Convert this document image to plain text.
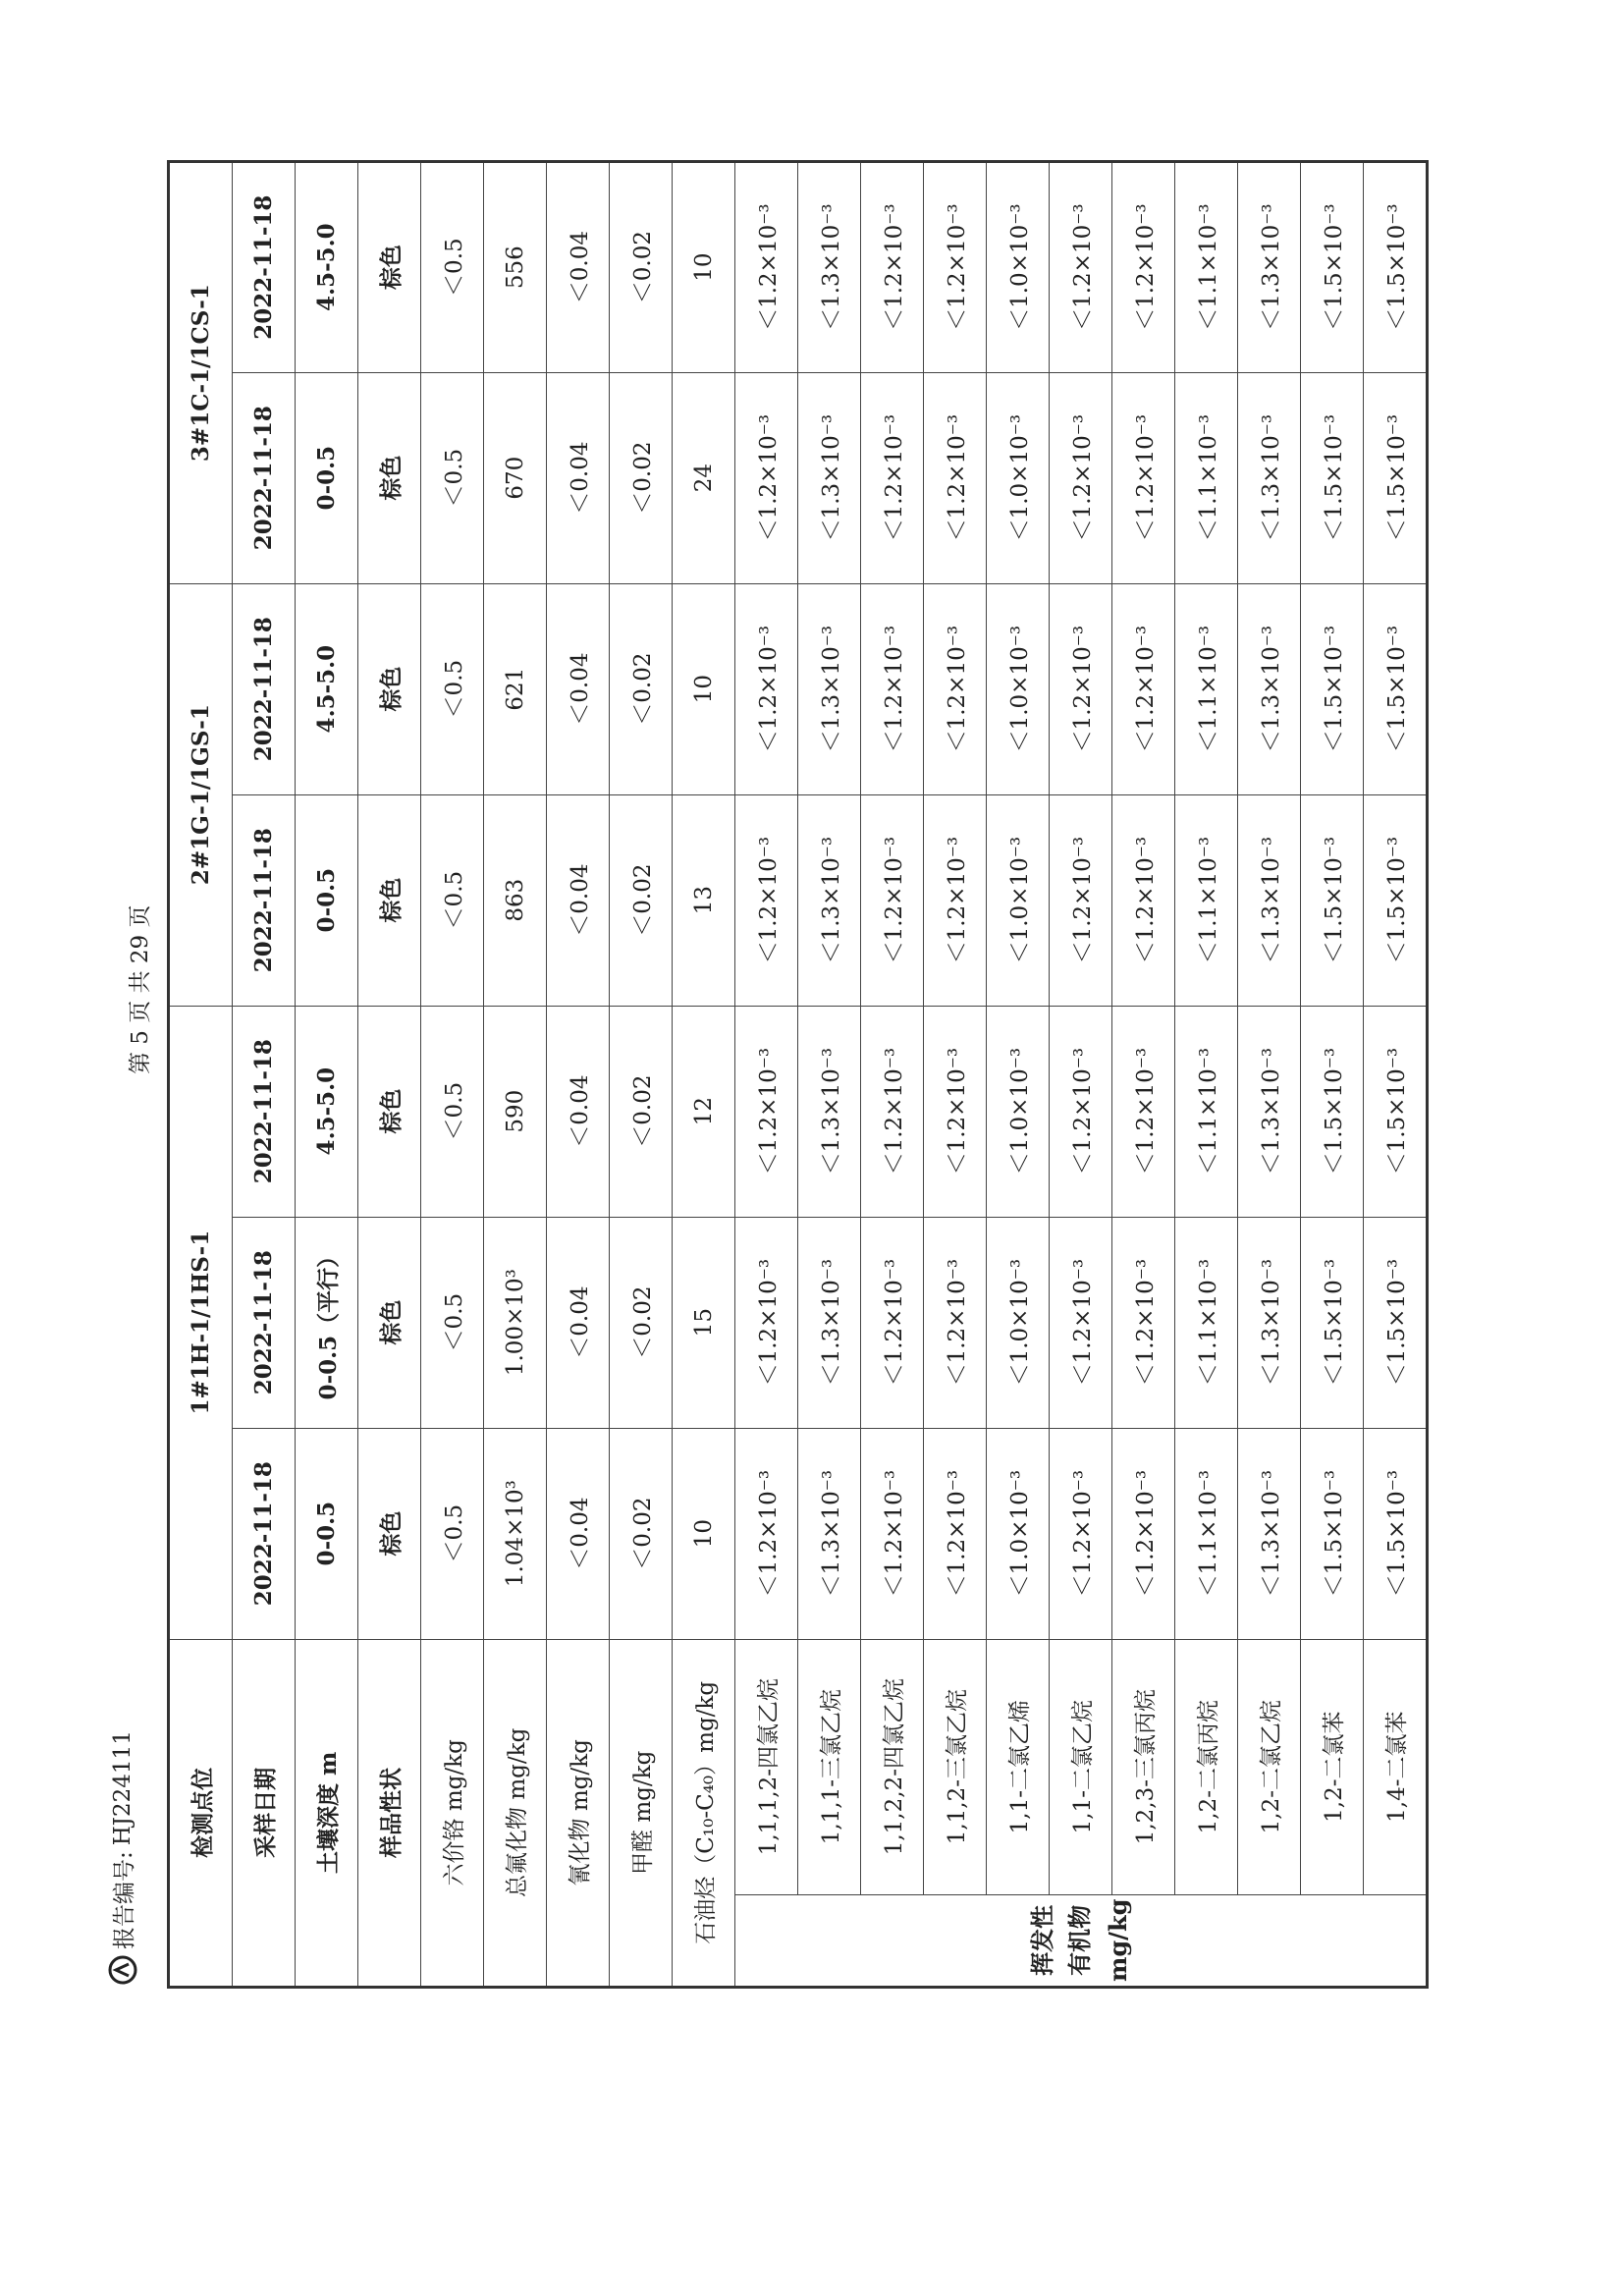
报告编号:
HJ224111
第 5 页 共 29 页
检测点位		1#1H-1/1HS-1			2#1G-1/1GS-1		3#1C-1/1CS-1	
采样日期		2022-11-18	2022-11-18	2022-11-18	2022-11-18	2022-11-18	2022-11-18	2022-11-18
土壤深度 m		0-0.5	0-0.5（平行）	4.5-5.0	0-0.5	4.5-5.0	0-0.5	4.5-5.0
样品性状		棕色	棕色	棕色	棕色	棕色	棕色	棕色
六价铬 mg/kg		＜0.5	＜0.5	＜0.5	＜0.5	＜0.5	＜0.5	＜0.5
总氟化物 mg/kg		1.04×10³	1.00×10³	590	863	621	670	556
氰化物 mg/kg		＜0.04	＜0.04	＜0.04	＜0.04	＜0.04	＜0.04	＜0.04
甲醛 mg/kg		＜0.02	＜0.02	＜0.02	＜0.02	＜0.02	＜0.02	＜0.02
石油烃（C₁₀-C₄₀）mg/kg		10	15	12	13	10	24	10
挥发性有机物 mg/kg	1,1,1,2-四氯乙烷	＜1.2×10⁻³	＜1.2×10⁻³	＜1.2×10⁻³	＜1.2×10⁻³	＜1.2×10⁻³	＜1.2×10⁻³	＜1.2×10⁻³
	1,1,1-三氯乙烷	＜1.3×10⁻³	＜1.3×10⁻³	＜1.3×10⁻³	＜1.3×10⁻³	＜1.3×10⁻³	＜1.3×10⁻³	＜1.3×10⁻³
	1,1,2,2-四氯乙烷	＜1.2×10⁻³	＜1.2×10⁻³	＜1.2×10⁻³	＜1.2×10⁻³	＜1.2×10⁻³	＜1.2×10⁻³	＜1.2×10⁻³
	1,1,2-三氯乙烷	＜1.2×10⁻³	＜1.2×10⁻³	＜1.2×10⁻³	＜1.2×10⁻³	＜1.2×10⁻³	＜1.2×10⁻³	＜1.2×10⁻³
	1,1-二氯乙烯	＜1.0×10⁻³	＜1.0×10⁻³	＜1.0×10⁻³	＜1.0×10⁻³	＜1.0×10⁻³	＜1.0×10⁻³	＜1.0×10⁻³
	1,1-二氯乙烷	＜1.2×10⁻³	＜1.2×10⁻³	＜1.2×10⁻³	＜1.2×10⁻³	＜1.2×10⁻³	＜1.2×10⁻³	＜1.2×10⁻³
	1,2,3-三氯丙烷	＜1.2×10⁻³	＜1.2×10⁻³	＜1.2×10⁻³	＜1.2×10⁻³	＜1.2×10⁻³	＜1.2×10⁻³	＜1.2×10⁻³
	1,2-二氯丙烷	＜1.1×10⁻³	＜1.1×10⁻³	＜1.1×10⁻³	＜1.1×10⁻³	＜1.1×10⁻³	＜1.1×10⁻³	＜1.1×10⁻³
	1,2-二氯乙烷	＜1.3×10⁻³	＜1.3×10⁻³	＜1.3×10⁻³	＜1.3×10⁻³	＜1.3×10⁻³	＜1.3×10⁻³	＜1.3×10⁻³
	1,2-二氯苯	＜1.5×10⁻³	＜1.5×10⁻³	＜1.5×10⁻³	＜1.5×10⁻³	＜1.5×10⁻³	＜1.5×10⁻³	＜1.5×10⁻³
	1,4-二氯苯	＜1.5×10⁻³	＜1.5×10⁻³	＜1.5×10⁻³	＜1.5×10⁻³	＜1.5×10⁻³	＜1.5×10⁻³	＜1.5×10⁻³
